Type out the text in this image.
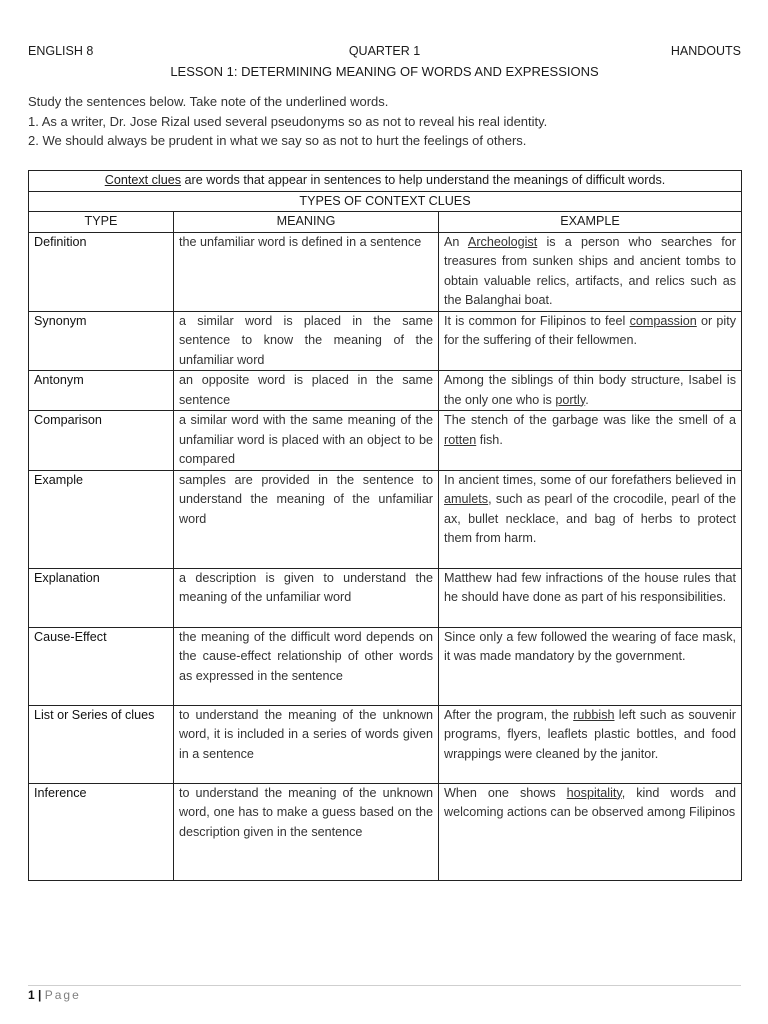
ENGLISH 8	QUARTER 1	HANDOUTS
LESSON 1: DETERMINING MEANING OF WORDS AND EXPRESSIONS
Study the sentences below. Take note of the underlined words.
1. As a writer, Dr. Jose Rizal used several pseudonyms so as not to reveal his real identity.
2. We should always be prudent in what we say so as not to hurt the feelings of others.
Context clues are words that appear in sentences to help understand the meanings of difficult words.		
TYPES OF CONTEXT CLUES		
TYPE	MEANING	EXAMPLE
Definition	the unfamiliar word is defined in a sentence	An Archeologist is a person who searches for treasures from sunken ships and ancient tombs to obtain valuable relics, artifacts, and relics such as the Balanghai boat.
Synonym	a similar word is placed in the same sentence to know the meaning of the unfamiliar word	It is common for Filipinos to feel compassion or pity for the suffering of their fellowmen.
Antonym	an opposite word is placed in the same sentence	Among the siblings of thin body structure, Isabel is the only one who is portly.
Comparison	a similar word with the same meaning of the unfamiliar word is placed with an object to be compared	The stench of the garbage was like the smell of a rotten fish.
Example	samples are provided in the sentence to understand the meaning of the unfamiliar word	In ancient times, some of our forefathers believed in amulets, such as pearl of the crocodile, pearl of the ax, bullet necklace, and bag of herbs to protect them from harm.
Explanation	a description is given to understand the meaning of the unfamiliar word	Matthew had few infractions of the house rules that he should have done as part of his responsibilities.
Cause-Effect	the meaning of the difficult word depends on the cause-effect relationship of other words as expressed in the sentence	Since only a few followed the wearing of face mask, it was made mandatory by the government.
List or Series of clues	to understand the meaning of the unknown word, it is included in a series of words given in a sentence	After the program, the rubbish left such as souvenir programs, flyers, leaflets plastic bottles, and food wrappings were cleaned by the janitor.
Inference	to understand the meaning of the unknown word, one has to make a guess based on the description given in the sentence	When one shows hospitality, kind words and welcoming actions can be observed among Filipinos
1 | Page
